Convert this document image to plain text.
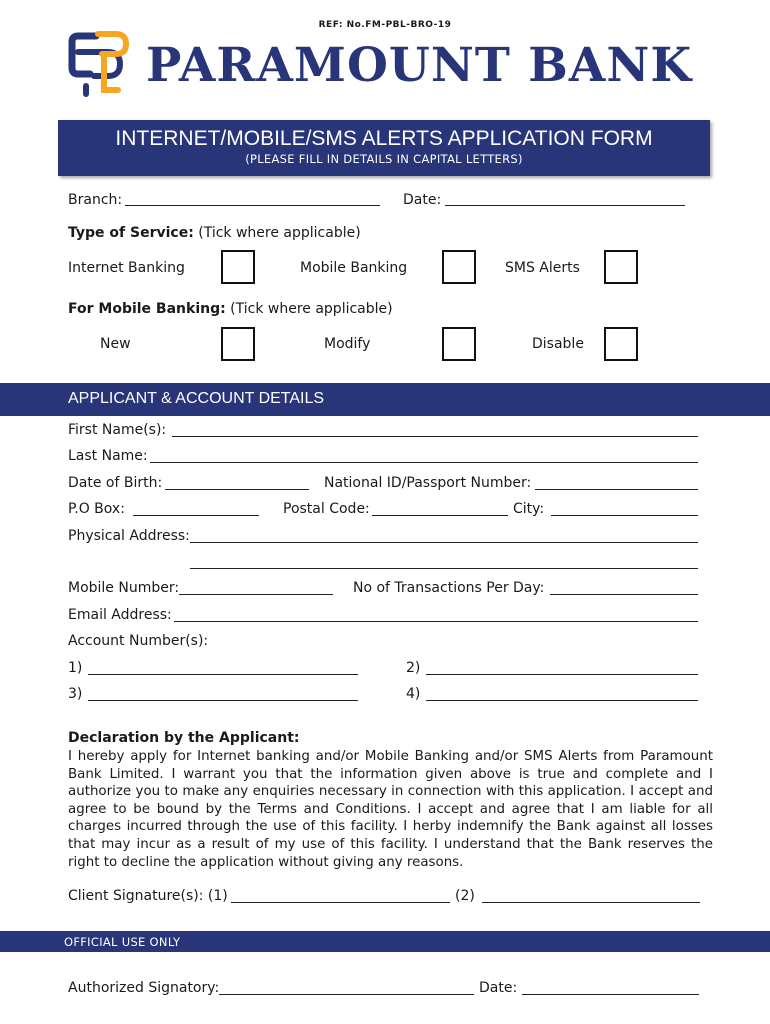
REF: No.FM-PBL-BRO-19
PARAMOUNT BANK
INTERNET/MOBILE/SMS ALERTS APPLICATION FORM
(PLEASE FILL IN DETAILS IN CAPITAL LETTERS)
Branch:	Date:
Type of Service: (Tick where applicable)
Internet Banking	Mobile Banking	SMS Alerts
For Mobile Banking: (Tick where applicable)
New	Modify	Disable
APPLICANT & ACCOUNT DETAILS
First Name(s):
Last Name:
Date of Birth:	National ID/Passport Number:
P.O Box:	Postal Code:	City:
Physical Address:
Mobile Number:	No of Transactions Per Day:
Email Address:
Account Number(s):
1)	2)
3)	4)
Declaration by the Applicant:
I hereby apply for Internet banking and/or Mobile Banking and/or SMS Alerts from Paramount Bank Limited. I warrant you that the information given above is true and complete and I authorize you to make any enquiries necessary in connection with this application. I accept and agree to be bound by the Terms and Conditions. I accept and agree that I am liable for all charges incurred through the use of this facility. I herby indemnify the Bank against all losses that may incur as a result of my use of this facility. I understand that the Bank reserves the right to decline the application without giving any reasons.
Client Signature(s): (1)	(2)
OFFICIAL USE ONLY
Authorized Signatory:	Date:
